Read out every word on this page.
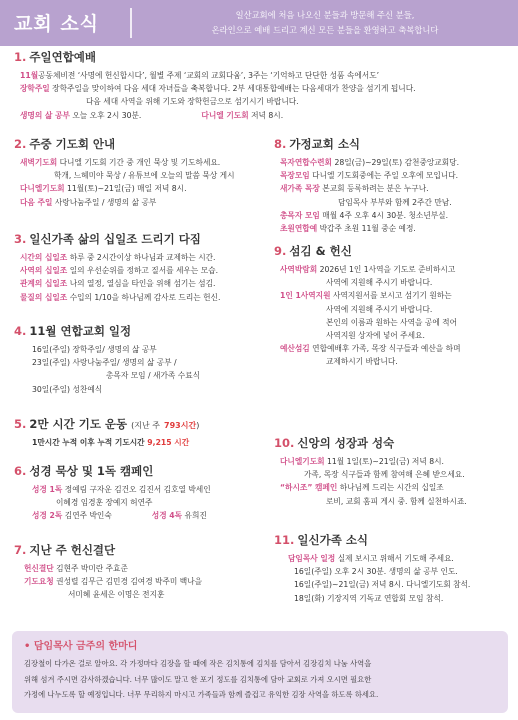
교회 소식	일산교회에 처음 나오신 분들과 방문해 주신 분들,
온라인으로 예배 드리고 계신 모든 분들을 환영하고 축복합니다
1. 주일연합예배
11월공동체비전 ‘사명에 헌신합시다’, 월별 주제 ‘교회의 교회다움’, 3주는 ‘기억하고 단단한 성품 속에서도’
장학주일 장학주일을 맞이하여 다음 세대 자녀들을 축복합니다. 2부 세대통합예배는 다음세대가 찬양을 섬기게 됩니다.
다음 세대 사역을 위해 기도와 장학헌금으로 섬기시기 바랍니다.
생명의 삶 공부 오늘 오후 2시 30분.	다니엘 기도회 저녁 8시.
2. 주중 기도회 안내
새벽기도회 다니엘 기도회 기간 중 개인 묵상 및 기도하세요.
학개, 느헤미야 묵상 / 유튜브에 오늘의 말씀 묵상 게시
다니엘기도회 11월(토)~21일(금) 매일 저녁 8시.
다음 주일 사랑나눔주일 / 생명의 삶 공부
3. 일신가족 삶의 십일조 드리기 다짐
시간의 십일조 하루 중 2시간이상 하나님과 교제하는 시간.
사역의 십일조 일의 우선순위를 정하고 질서를 세우는 모습.
관계의 십일조 나의 열정, 열심을 타인을 위해 섬기는 섬김.
물질의 십일조 수입의 1/10을 하나님께 감사로 드리는 헌신.
4. 11월 연합교회 일정
16일(주일) 장학주일/ 생명의 삶 공부
23일(주일) 사랑나눔주일/ 생명의 삶 공부 /
총목자 모임 / 새가족 수료식
30일(주일) 성찬예식
5. 2만 시간 기도 운동 (지난 주 793시간)
1만시간 누적 이후 누적 기도시간 9,215 시간
6. 성경 묵상 및 1독 캠페인
성경 1독 정예림 구자운 김건오 김진서 김호열 박세인
이혜경 임경훈 장예지 허연주
성경 2독 김연주 박인숙	성경 4독 유희진
7. 지난 주 헌신결단
헌신결단 김현주 박미란 주효준
기도요청 권성렬 김무근 김민경 김여경 박주미 백나을
서미혜 윤세은 이명은 전지훈
8. 가정교회 소식
목자연합수련회 28일(금)~29일(토) 감천중앙교회당.
목장모임 다니엘 기도회중에는 주일 오후에 모입니다.
새가족 목장 본교회 등록하려는 분은 누구나.
담임목사 부부와 함께 2주간 만남.
총목자 모임 매월 4주 오후 4시 30분. 청소년부실.
초원연합예 박갑주 초원 11월 중순 예정.
9. 섬김 & 헌신
사역박람회 2026년 1인 1사역을 기도로 준비하시고
사역에 지원해 주시기 바랍니다.
1인 1사역지원 사역지원서를 보시고 섬기기 원하는
사역에 지원해 주시기 바랍니다.
본인의 이름과 원하는 사역을 공에 적어
사역지원 상자에 넣어 주세요.
예산섬김 연합예배후 가족, 목장 식구들과 예산을 하며
교제하시기 바랍니다.
10. 신앙의 성장과 성숙
다니엘기도회 11월 1일(토)~21일(금) 저녁 8시.
가족, 목장 식구들과 함께 참여해 은혜 받으세요.
“하시조” 캠페인 하나님께 드리는 시간의 십일조
로비, 교회 홈피 게시 중. 함께 실천하시죠.
11. 일신가족 소식
담임목사 일정 실제 보시고 위해서 기도해 주세요.
16일(주일) 오후 2시 30분. 생명의 삶 공부 인도.
16일(주일)~21일(금) 저녁 8시. 다니엘기도회 참석.
18일(화) 기장지역 기독교 연합회 모임 참석.
• 담임목사 금주의 한마디
김장철이 다가온 걸로 알아요. 각 가정마다 김장을 할 때에 작은 김치통에 김치를 담아서 김장김치 나눔 사역을
위해 섬겨 주시면 감사하겠습니다. 너무 많이도 말고 한 포기 정도를 김치통에 담아 교회로 가져 오시면 필요한
가정에 나누도록 할 예정입니다. 너무 무리하지 마시고 가족들과 함께 즐겁고 유익한 김장 사역을 하도록 하세요.
